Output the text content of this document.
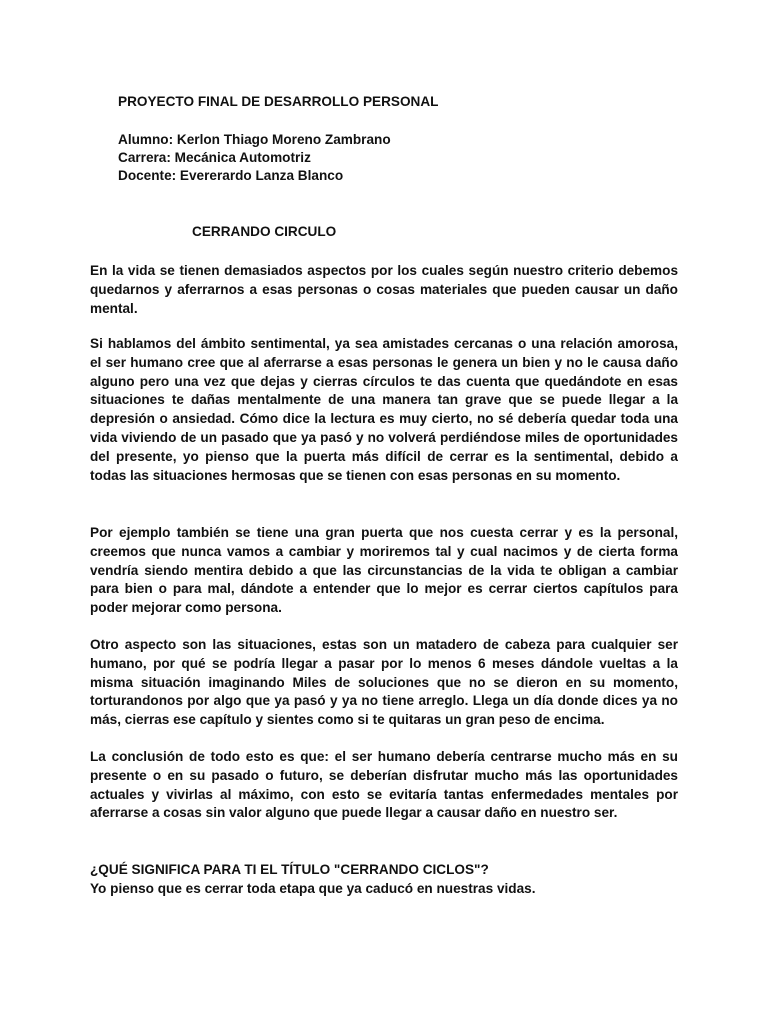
PROYECTO FINAL DE DESARROLLO PERSONAL
Alumno: Kerlon Thiago Moreno Zambrano
Carrera: Mecánica Automotriz
Docente: Evererardo Lanza Blanco
CERRANDO CIRCULO
En la vida se tienen demasiados aspectos por los cuales según nuestro criterio debemos quedarnos y aferrarnos a esas personas o cosas materiales que pueden causar un daño mental.
Si hablamos del ámbito sentimental, ya sea amistades cercanas o una relación amorosa, el ser humano cree que al aferrarse a esas personas le genera un bien y no le causa daño alguno pero una vez que dejas y cierras círculos te das cuenta que quedándote en esas situaciones te dañas mentalmente de una manera tan grave que se puede llegar a la depresión o ansiedad. Cómo dice la lectura es muy cierto, no sé debería quedar toda una vida viviendo de un pasado que ya pasó y no volverá perdiéndose miles de oportunidades del presente, yo pienso que la puerta más difícil de cerrar es la sentimental, debido a todas las situaciones hermosas que se tienen con esas personas en su momento.
Por ejemplo también se tiene una gran puerta que nos cuesta cerrar y es la personal, creemos que nunca vamos a cambiar y moriremos tal y cual nacimos y de cierta forma vendría siendo mentira debido a que las circunstancias de la vida te obligan a cambiar para bien o para mal, dándote a entender que lo mejor es cerrar ciertos capítulos para poder mejorar como persona.
Otro aspecto son las situaciones, estas son un matadero de cabeza para cualquier ser humano, por qué se podría llegar a pasar por lo menos 6 meses dándole vueltas a la misma situación imaginando Miles de soluciones que no se dieron en su momento, torturandonos por algo que ya pasó y ya no tiene arreglo. Llega un día donde dices ya no más, cierras ese capítulo y sientes como si te quitaras un gran peso de encima.
La conclusión de todo esto es que: el ser humano debería centrarse mucho más en su presente o en su pasado o futuro, se deberían disfrutar mucho más las oportunidades actuales y vivirlas al máximo, con esto se evitaría tantas enfermedades mentales por aferrarse a cosas sin valor alguno que puede llegar a causar daño en nuestro ser.
¿QUÉ SIGNIFICA PARA TI EL TÍTULO "CERRANDO CICLOS"?
Yo pienso que es cerrar toda etapa que ya caducó en nuestras vidas.
